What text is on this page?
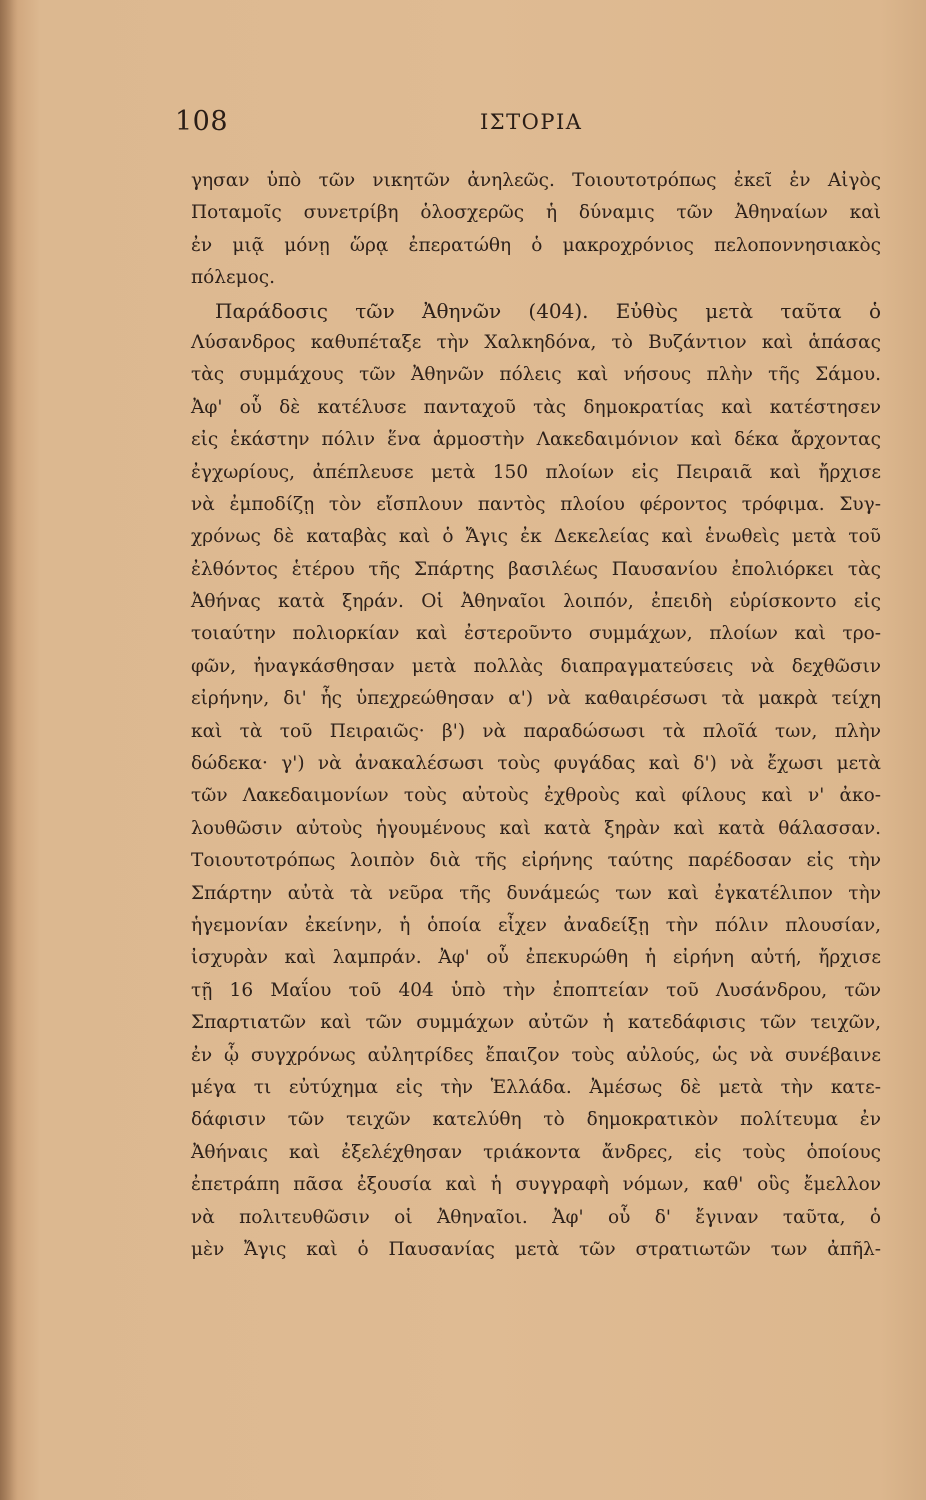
108	ΙΣΤΟΡΙΑ
γησαν ὑπὸ τῶν νικητῶν ἀνηλεῶς. Τοιουτοτρόπως ἐκεῖ ἐν Αἰγὸς
Ποταμοῖς συνετρίβη ὁλοσχερῶς ἡ δύναμις τῶν Ἀθηναίων καὶ
ἐν μιᾷ μόνῃ ὥρᾳ ἐπερατώθη ὁ μακροχρόνιος πελοποννησιακὸς
πόλεμος.
Παράδοσις τῶν Ἀθηνῶν (404). Εὐθὺς μετὰ ταῦτα ὁ
Λύσανδρος καθυπέταξε τὴν Χαλκηδόνα, τὸ Βυζάντιον καὶ ἁπάσας
τὰς συμμάχους τῶν Ἀθηνῶν πόλεις καὶ νήσους πλὴν τῆς Σάμου.
Ἀφ' οὗ δὲ κατέλυσε πανταχοῦ τὰς δημοκρατίας καὶ κατέστησεν
εἰς ἑκάστην πόλιν ἕνα ἁρμοστὴν Λακεδαιμόνιον καὶ δέκα ἄρχοντας
ἐγχωρίους, ἀπέπλευσε μετὰ 150 πλοίων εἰς Πειραιᾶ καὶ ἤρχισε
νὰ ἐμποδίζῃ τὸν εἴσπλουν παντὸς πλοίου φέροντος τρόφιμα. Συγ-
χρόνως δὲ καταβὰς καὶ ὁ Ἄγις ἐκ Δεκελείας καὶ ἑνωθεὶς μετὰ τοῦ
ἐλθόντος ἑτέρου τῆς Σπάρτης βασιλέως Παυσανίου ἐπολιόρκει τὰς
Ἀθήνας κατὰ ξηράν. Οἱ Ἀθηναῖοι λοιπόν, ἐπειδὴ εὑρίσκοντο εἰς
τοιαύτην πολιορκίαν καὶ ἐστεροῦντο συμμάχων, πλοίων καὶ τρο-
φῶν, ἠναγκάσθησαν μετὰ πολλὰς διαπραγματεύσεις νὰ δεχθῶσιν
εἰρήνην, δι' ἧς ὑπεχρεώθησαν α') νὰ καθαιρέσωσι τὰ μακρὰ τείχη
καὶ τὰ τοῦ Πειραιῶς· β') νὰ παραδώσωσι τὰ πλοῖά των, πλὴν
δώδεκα· γ') νὰ ἀνακαλέσωσι τοὺς φυγάδας καὶ δ') νὰ ἔχωσι μετὰ
τῶν Λακεδαιμονίων τοὺς αὐτοὺς ἐχθροὺς καὶ φίλους καὶ ν' ἀκο-
λουθῶσιν αὐτοὺς ἡγουμένους καὶ κατὰ ξηρὰν καὶ κατὰ θάλασσαν.
Τοιουτοτρόπως λοιπὸν διὰ τῆς εἰρήνης ταύτης παρέδοσαν εἰς τὴν
Σπάρτην αὐτὰ τὰ νεῦρα τῆς δυνάμεώς των καὶ ἐγκατέλιπον τὴν
ἡγεμονίαν ἐκείνην, ἡ ὁποία εἶχεν ἀναδείξῃ τὴν πόλιν πλουσίαν,
ἰσχυρὰν καὶ λαμπράν. Ἀφ' οὗ ἐπεκυρώθη ἡ εἰρήνη αὐτή, ἤρχισε
τῇ 16 Μαΐου τοῦ 404 ὑπὸ τὴν ἐποπτείαν τοῦ Λυσάνδρου, τῶν
Σπαρτιατῶν καὶ τῶν συμμάχων αὐτῶν ἡ κατεδάφισις τῶν τειχῶν,
ἐν ᾧ συγχρόνως αὐλητρίδες ἔπαιζον τοὺς αὐλούς, ὡς νὰ συνέβαινε
μέγα τι εὐτύχημα εἰς τὴν Ἑλλάδα. Ἀμέσως δὲ μετὰ τὴν κατε-
δάφισιν τῶν τειχῶν κατελύθη τὸ δημοκρατικὸν πολίτευμα ἐν
Ἀθήναις καὶ ἐξελέχθησαν τριάκοντα ἄνδρες, εἰς τοὺς ὁποίους
ἐπετράπη πᾶσα ἐξουσία καὶ ἡ συγγραφὴ νόμων, καθ' οὓς ἔμελλον
νὰ πολιτευθῶσιν οἱ Ἀθηναῖοι. Ἀφ' οὗ δ' ἔγιναν ταῦτα, ὁ
μὲν Ἄγις καὶ ὁ Παυσανίας μετὰ τῶν στρατιωτῶν των ἀπῆλ-
